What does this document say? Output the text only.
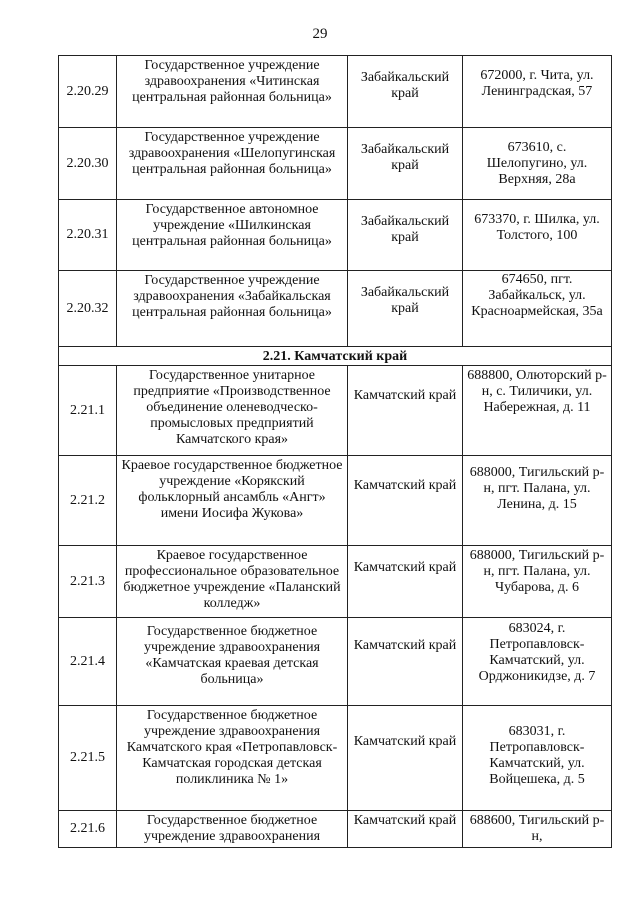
29
2.20.29	Государственное учреждение здравоохранения «Читинская центральная районная больница»	Забайкальский край	672000, г. Чита, ул. Ленинградская, 57
2.20.30	Государственное учреждение здравоохранения «Шелопугинская центральная районная больница»	Забайкальский край	673610, с. Шелопугино, ул. Верхняя, 28а
2.20.31	Государственное автономное учреждение «Шилкинская центральная районная больница»	Забайкальский край	673370, г. Шилка, ул. Толстого, 100
2.20.32	Государственное учреждение здравоохранения «Забайкальская центральная районная больница»	Забайкальский край	674650, пгт. Забайкальск, ул. Красноармейская, 35а
2.21. Камчатский край			
2.21.1	Государственное унитарное предприятие «Производственное объединение оленеводческо-промысловых предприятий Камчатского края»	Камчатский край	688800, Олюторский р-н, с. Тиличики, ул. Набережная, д. 11
2.21.2	Краевое государственное бюджетное учреждение «Корякский фольклорный ансамбль «Ангт» имени Иосифа Жукова»	Камчатский край	688000, Тигильский р-н, пгт. Палана, ул. Ленина, д. 15
2.21.3	Краевое государственное профессиональное образовательное бюджетное учреждение «Паланский колледж»	Камчатский край	688000, Тигильский р-н, пгт. Палана, ул. Чубарова, д. 6
2.21.4	Государственное бюджетное учреждение здравоохранения «Камчатская краевая детская больница»	Камчатский край	683024, г. Петропавловск-Камчатский, ул. Орджоникидзе, д. 7
2.21.5	Государственное бюджетное учреждение здравоохранения Камчатского края «Петропавловск-Камчатская городская детская поликлиника № 1»	Камчатский край	683031, г. Петропавловск-Камчатский, ул. Войцешека, д. 5
2.21.6	Государственное бюджетное учреждение здравоохранения	Камчатский край	688600, Тигильский р-н,
